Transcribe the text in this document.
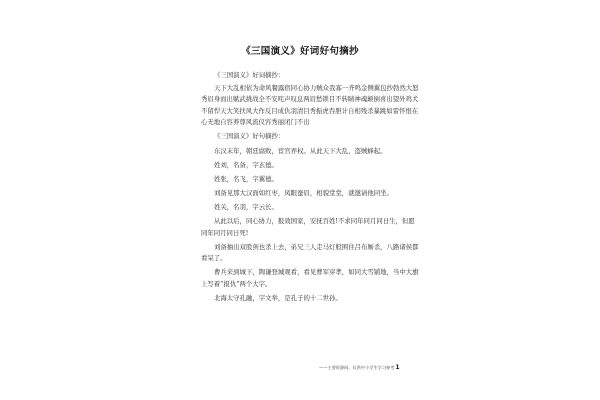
《三国演义》好词好句摘抄

《三国演义》好词摘抄：

天下大乱相依为命风餐露宿同心协力贼众我寡一齐鸣金侧翼包抄勃然大怒秀眉身而出赋武挑战全不安咤声叹息两眉愁锁目不转睛神魂颠倒喜出望外鸡犬不留悍天大笑扶风大作反目成仇羽清目秀振虎吞胆计自相残杀暴跳如雷怀恨在心无地自容养尊风流仪容秀丽闭门不出

《三国演义》好句摘抄：

东汉末年，朝廷腐败，宦官弄权。从此天下大乱，盗贼蜂起。

姓刘，名备，字玄德。

姓张，名飞，字翼德。

刘备见那大汉面如红枣，凤眼蚕眉，相貌堂堂，就邀请他同坐。

姓关，名羽，字云长。

从此以后，同心协力，报效国家，安抚百姓!不求同年同月同日生，但愿同年同月同日死!

刘备抽出双股剑也杀上去，弟兄三人走马灯般围住吕布厮杀，八路诸侯都看呆了。

曹兵来到城下，陶谦登城观看，看见曹军穿孝，如同大雪铺地，当中大旗上写着“报仇”两个大字。

北海太守孔融，字文举，是孔子的十二世孙。

——主要资源网，仅供中小学生学习参考1
